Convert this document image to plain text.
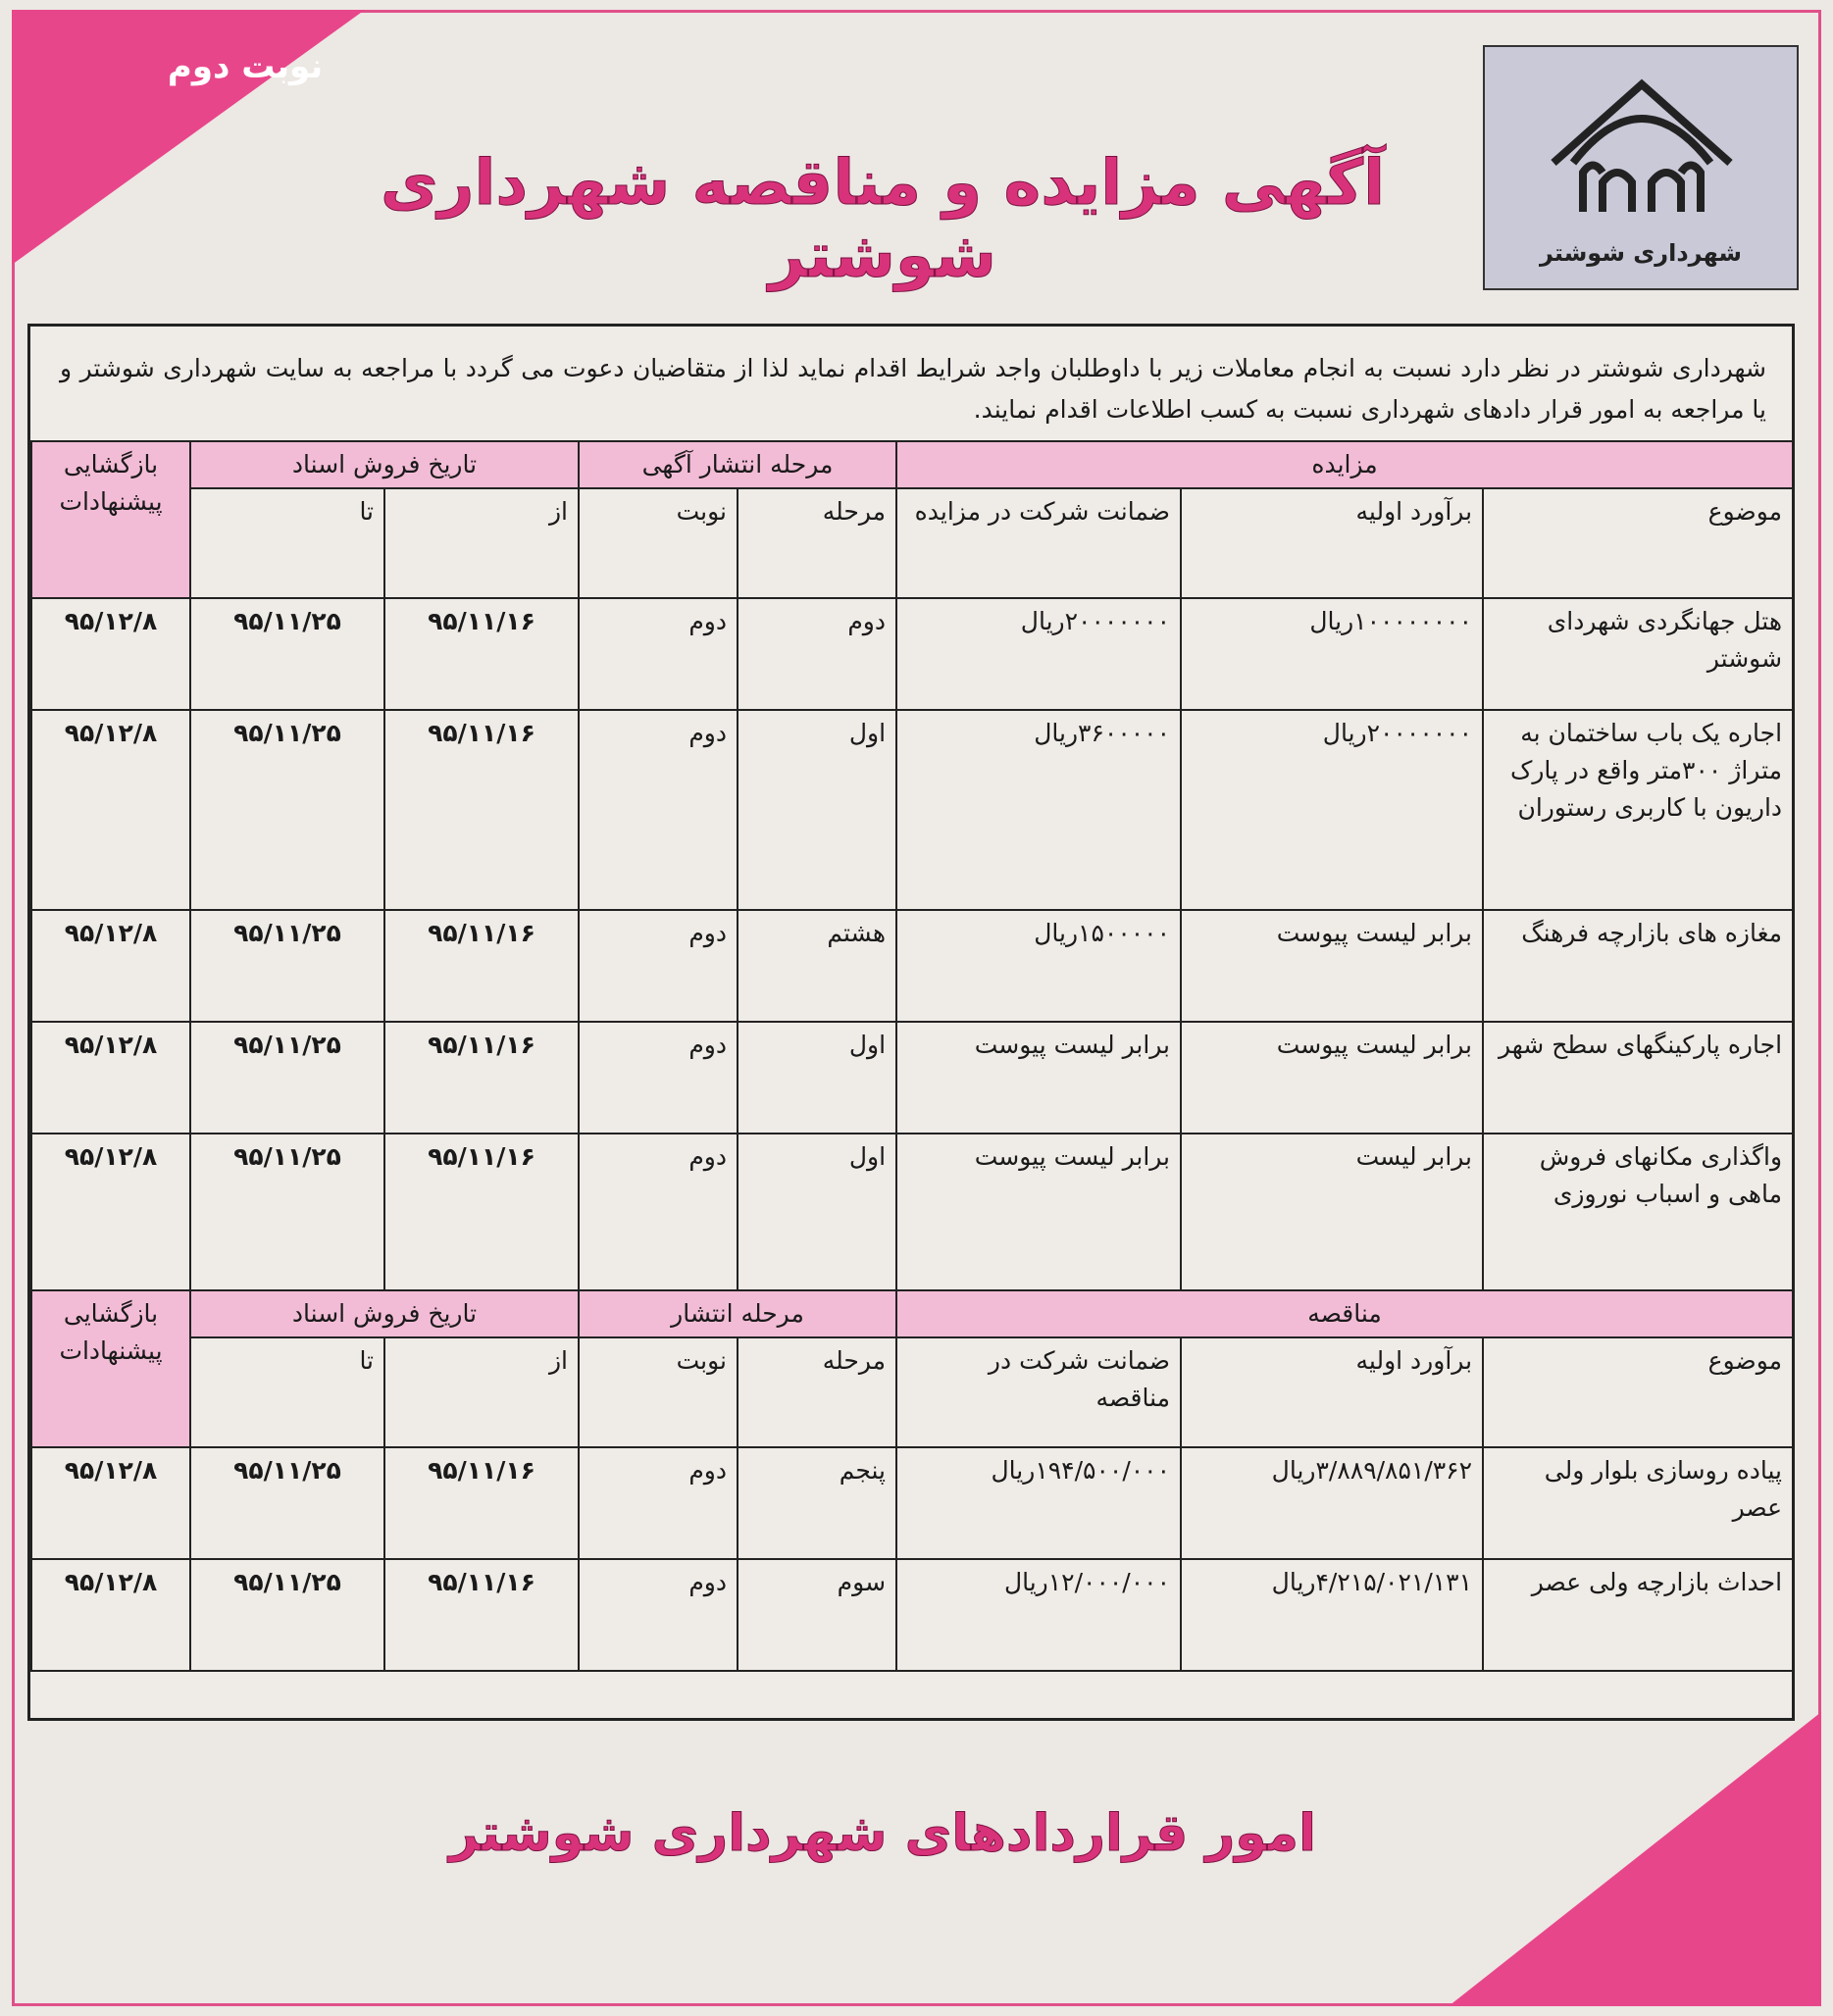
نوبت دوم
شهرداری شوشتر
آگهی مزایده و مناقصه شهرداری شوشتر
شهرداری شوشتر در نظر دارد نسبت به انجام معاملات زیر با داوطلبان واجد شرایط اقدام نماید لذا از متقاضیان دعوت می گردد با مراجعه به سایت شهرداری شوشتر و یا مراجعه به امور قرار دادهای شهرداری نسبت به کسب اطلاعات اقدام نمایند.
مزایده			مرحله انتشار آگهی		تاریخ فروش اسناد		بازگشایی پیشنهادات
موضوع	برآورد اولیه	ضمانت شرکت در مزایده	مرحله	نوبت	از	تا	
هتل جهانگردی شهردای شوشتر	۱۰۰۰۰۰۰۰۰ریال	۲۰۰۰۰۰۰۰ریال	دوم	دوم	۹۵/۱۱/۱۶	۹۵/۱۱/۲۵	۹۵/۱۲/۸
اجاره یک باب ساختمان به متراژ ۳۰۰متر واقع در پارک داریون با کاربری رستوران	۲۰۰۰۰۰۰۰ریال	۳۶۰۰۰۰۰ریال	اول	دوم	۹۵/۱۱/۱۶	۹۵/۱۱/۲۵	۹۵/۱۲/۸
مغازه های بازارچه فرهنگ	برابر لیست پیوست	۱۵۰۰۰۰۰ریال	هشتم	دوم	۹۵/۱۱/۱۶	۹۵/۱۱/۲۵	۹۵/۱۲/۸
اجاره پارکینگهای سطح شهر	برابر لیست پیوست	برابر لیست پیوست	اول	دوم	۹۵/۱۱/۱۶	۹۵/۱۱/۲۵	۹۵/۱۲/۸
واگذاری مکانهای فروش ماهی و اسباب نوروزی	برابر لیست	برابر لیست پیوست	اول	دوم	۹۵/۱۱/۱۶	۹۵/۱۱/۲۵	۹۵/۱۲/۸
مناقصه			مرحله انتشار		تاریخ فروش اسناد		بازگشایی پیشنهادات
موضوع	برآورد اولیه	ضمانت شرکت در مناقصه	مرحله	نوبت	از	تا	
پیاده روسازی بلوار ولی عصر	۳/۸۸۹/۸۵۱/۳۶۲ریال	۱۹۴/۵۰۰/۰۰۰ریال	پنجم	دوم	۹۵/۱۱/۱۶	۹۵/۱۱/۲۵	۹۵/۱۲/۸
احداث بازارچه ولی عصر	۴/۲۱۵/۰۲۱/۱۳۱ریال	۱۲/۰۰۰/۰۰۰ریال	سوم	دوم	۹۵/۱۱/۱۶	۹۵/۱۱/۲۵	۹۵/۱۲/۸
امور قراردادهای شهرداری شوشتر
